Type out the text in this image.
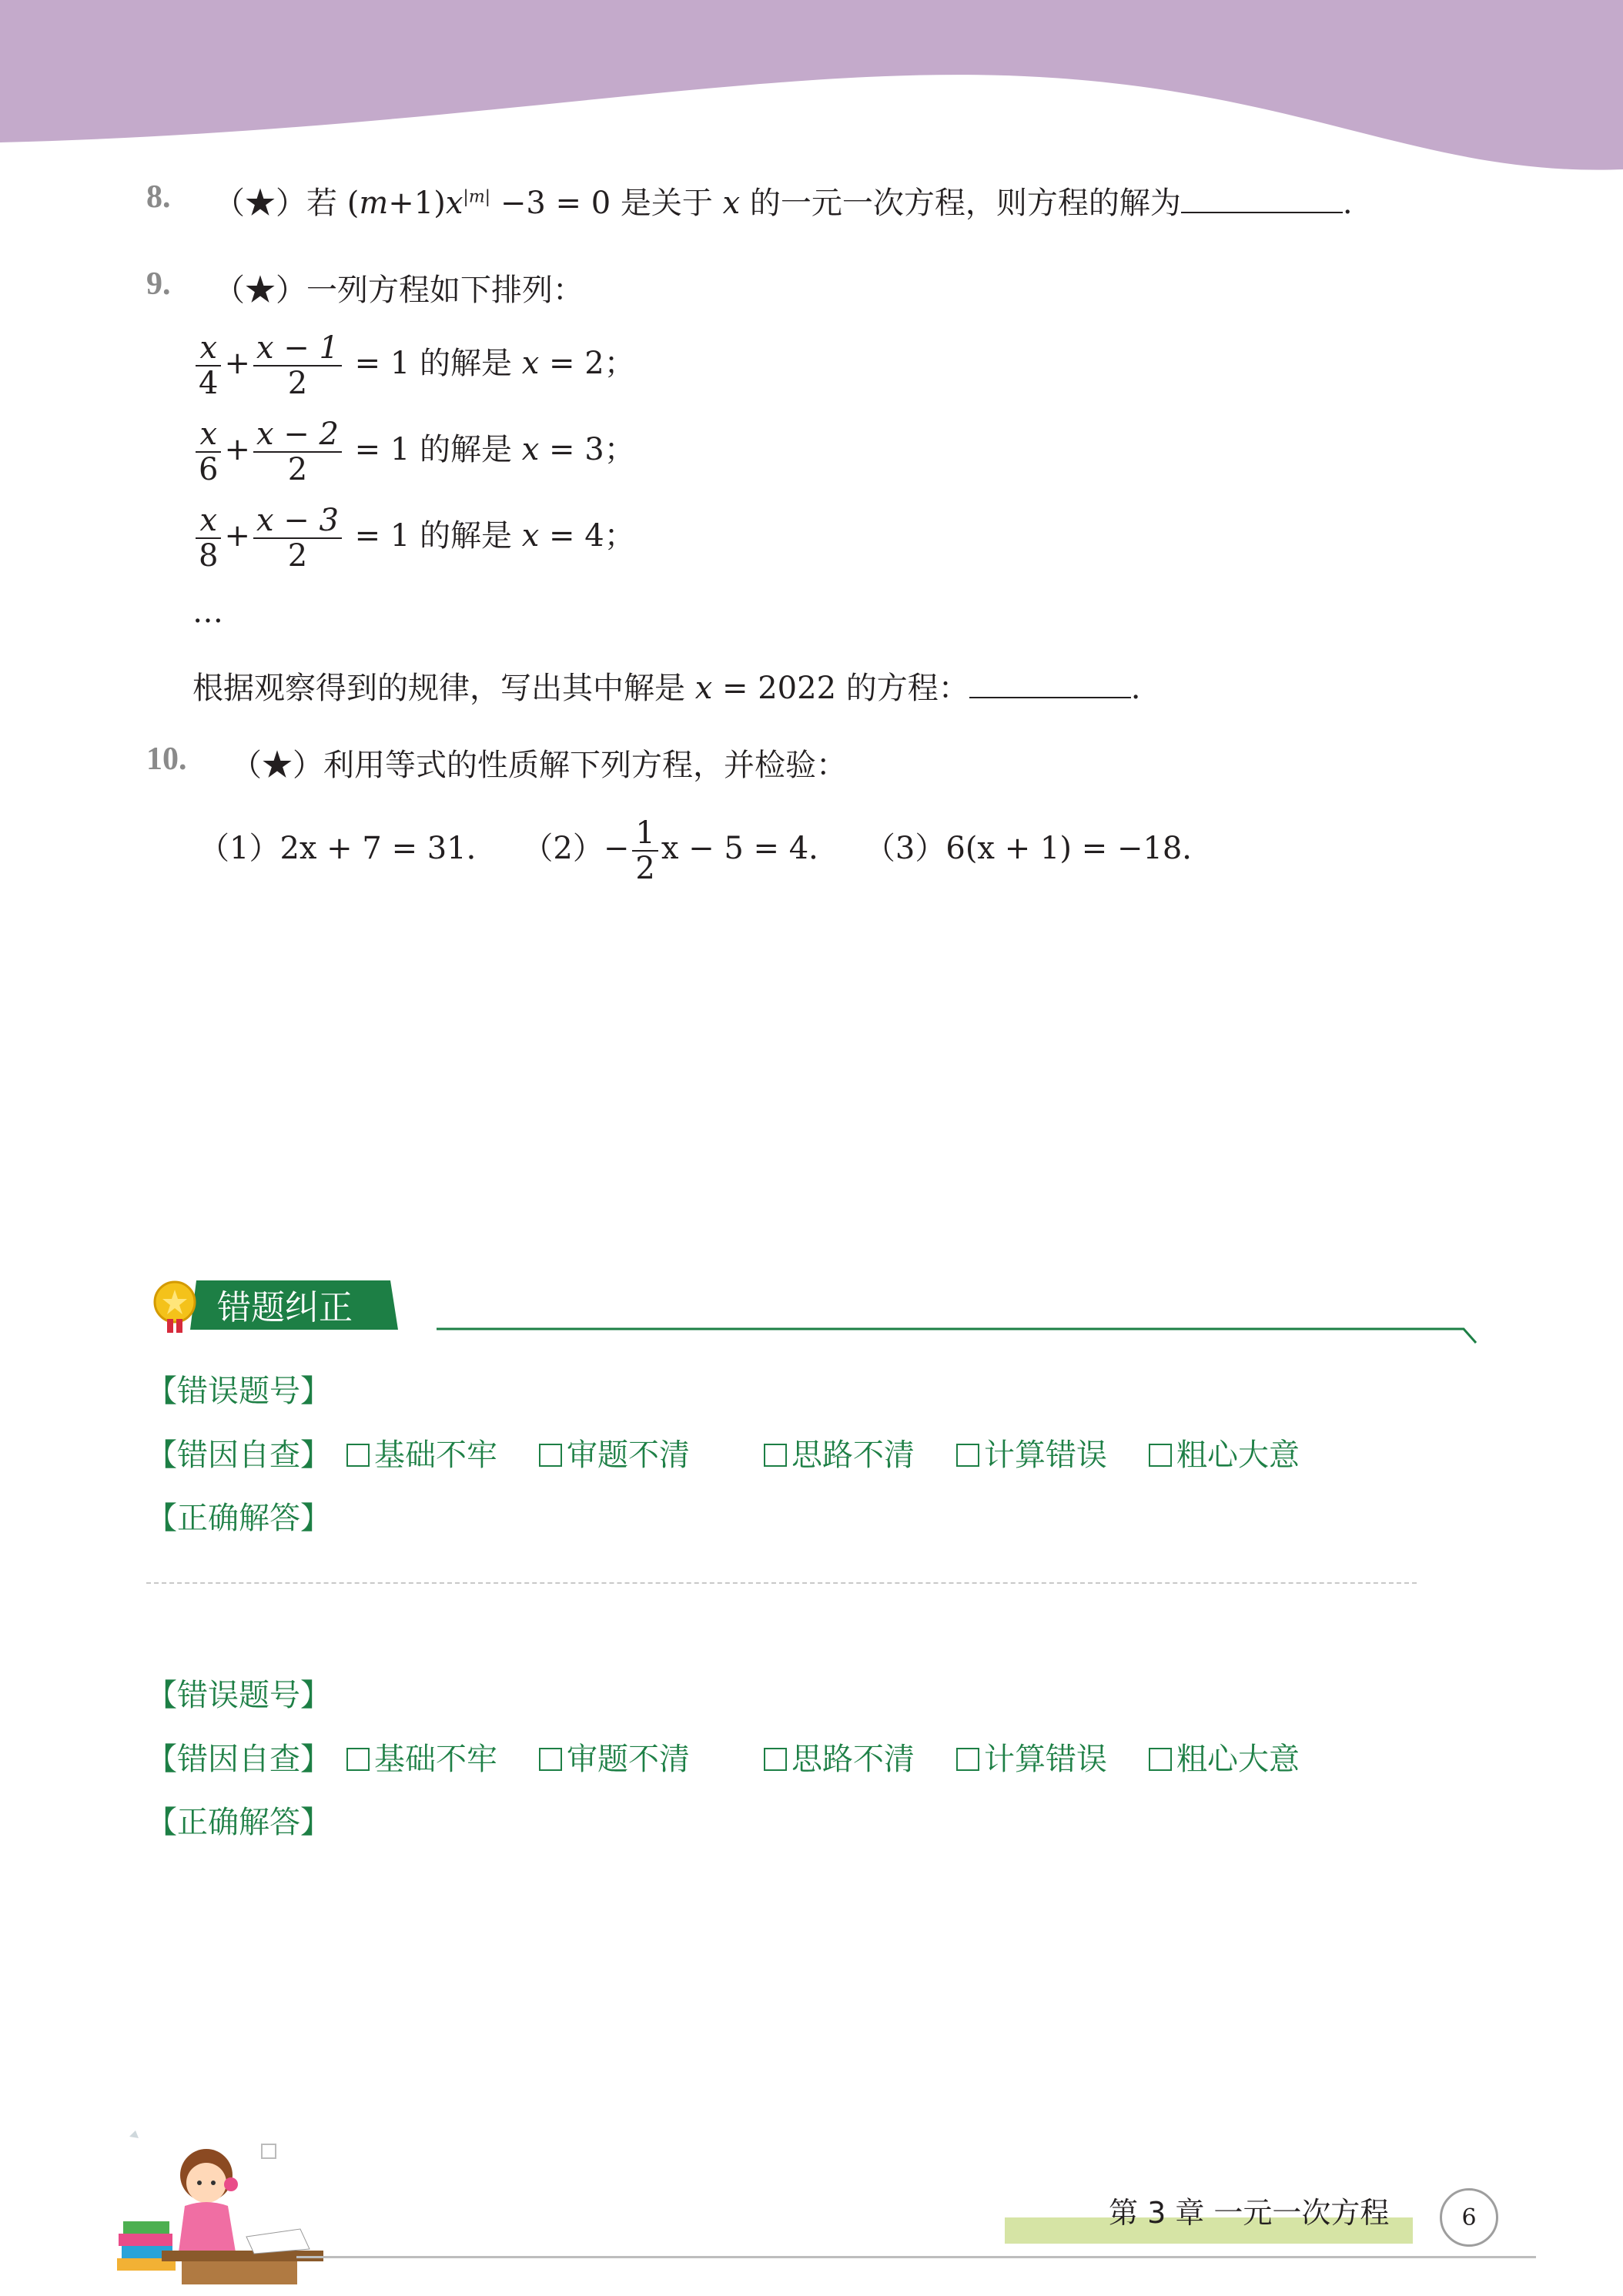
8. （★）若 $(m+1)x^{|m|} -3 = 0$ 是关于 x 的一元一次方程，则方程的解为	.
9. （★）一列方程如下排列：
$\frac{x}{4} + \frac{x - 1}{2} = 1$ 的解是 x = 2；
$\frac{x}{6} + \frac{x - 2}{2} = 1$ 的解是 x = 3；
$\frac{x}{8} + \frac{x - 3}{2} = 1$ 的解是 x = 4；
…
根据观察得到的规律，写出其中解是 x = 2022 的方程：	.
10. （★）利用等式的性质解下列方程，并检验：
（1）2x + 7 = 31． $(2)- \frac{1}{2}$ x − 5 = 4． （3）6(x + 1) = −18．
错题纠正
【错误题号】
【错因自查】	基础不牢	审题不清	思路不清	计算错误	粗心大意
【正确解答】
【错误题号】
【错因自查】	基础不牢	审题不清	思路不清	计算错误	粗心大意
【正确解答】
第 3 章 一元一次方程	6
